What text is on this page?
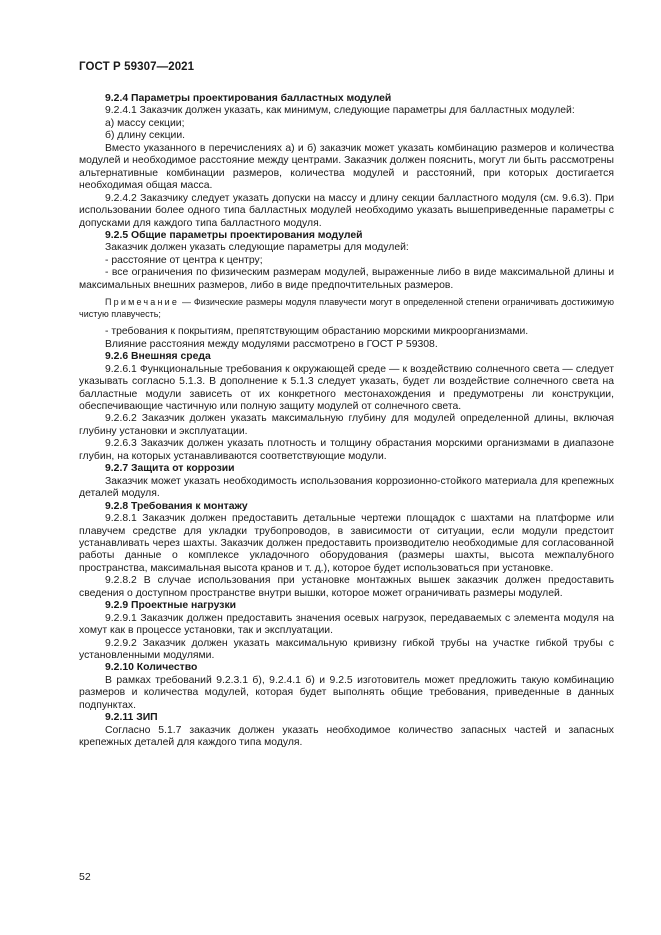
ГОСТ Р 59307—2021

9.2.4 Параметры проектирования балластных модулей

9.2.4.1 Заказчик должен указать, как минимум, следующие параметры для балластных модулей:

а) массу секции;

б) длину секции.

Вместо указанного в перечислениях а) и б) заказчик может указать комбинацию размеров и количества модулей и необходимое расстояние между центрами. Заказчик должен пояснить, могут ли быть рассмотрены альтернативные комбинации размеров, количества модулей и расстояний, при которых достигается необходимая общая масса.

9.2.4.2 Заказчику следует указать допуски на массу и длину секции балластного модуля (см. 9.6.3). При использовании более одного типа балластных модулей необходимо указать вышеприведенные параметры с допусками для каждого типа балластного модуля.

9.2.5 Общие параметры проектирования модулей

Заказчик должен указать следующие параметры для модулей:

- расстояние от центра к центру;

- все ограничения по физическим размерам модулей, выраженные либо в виде максимальной длины и максимальных внешних размеров, либо в виде предпочтительных размеров.

Примечание — Физические размеры модуля плавучести могут в определенной степени ограничивать достижимую чистую плавучесть;

- требования к покрытиям, препятствующим обрастанию морскими микроорганизмами.

Влияние расстояния между модулями рассмотрено в ГОСТ Р 59308.

9.2.6 Внешняя среда

9.2.6.1 Функциональные требования к окружающей среде — к воздействию солнечного света — следует указывать согласно 5.1.3. В дополнение к 5.1.3 следует указать, будет ли воздействие солнечного света на балластные модули зависеть от их конкретного местонахождения и предумотрены ли конструкции, обеспечивающие частичную или полную защиту модулей от солнечного света.

9.2.6.2 Заказчик должен указать максимальную глубину для модулей определенной длины, включая глубину установки и эксплуатации.

9.2.6.3 Заказчик должен указать плотность и толщину обрастания морскими организмами в диапазоне глубин, на которых устанавливаются соответствующие модули.

9.2.7 Защита от коррозии

Заказчик может указать необходимость использования коррозионно-стойкого материала для крепежных деталей модуля.

9.2.8 Требования к монтажу

9.2.8.1 Заказчик должен предоставить детальные чертежи площадок с шахтами на платформе или плавучем средстве для укладки трубопроводов, в зависимости от ситуации, если модули предстоит устанавливать через шахты. Заказчик должен предоставить производителю необходимые для согласованной работы данные о комплексе укладочного оборудования (размеры шахты, высота межпалубного пространства, максимальная высота кранов и т. д.), которое будет использоваться при установке.

9.2.8.2 В случае использования при установке монтажных вышек заказчик должен предоставить сведения о доступном пространстве внутри вышки, которое может ограничивать размеры модулей.

9.2.9 Проектные нагрузки

9.2.9.1 Заказчик должен предоставить значения осевых нагрузок, передаваемых с элемента модуля на хомут как в процессе установки, так и эксплуатации.

9.2.9.2 Заказчик должен указать максимальную кривизну гибкой трубы на участке гибкой трубы с установленными модулями.

9.2.10 Количество

В рамках требований 9.2.3.1 б), 9.2.4.1 б) и 9.2.5 изготовитель может предложить такую комбинацию размеров и количества модулей, которая будет выполнять общие требования, приведенные в данных подпунктах.

9.2.11 ЗИП

Согласно 5.1.7 заказчик должен указать необходимое количество запасных частей и запасных крепежных деталей для каждого типа модуля.

52
